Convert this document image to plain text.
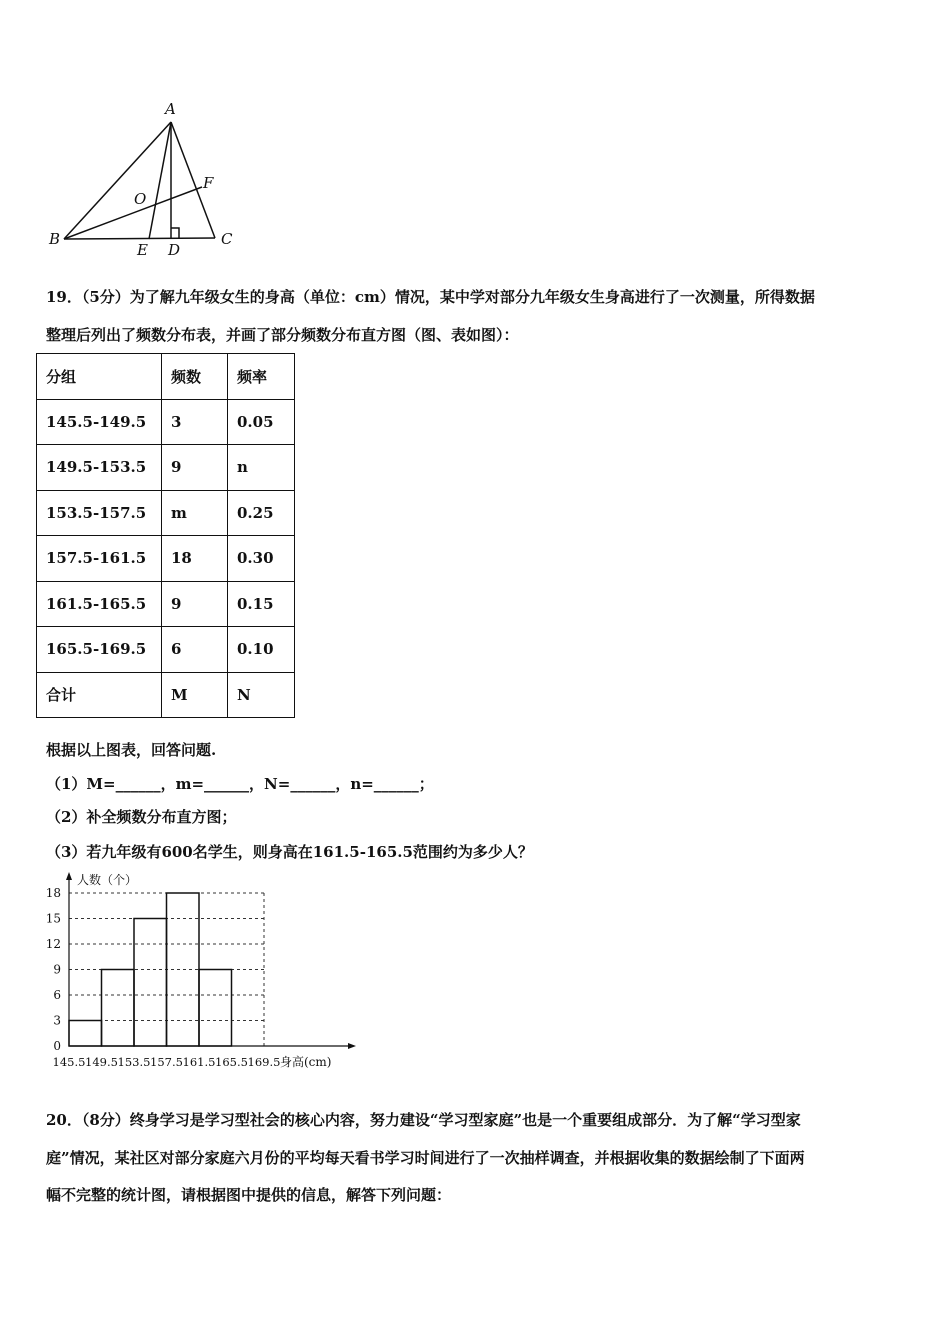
A
B	C
D
E
F
O
19．（5分）为了解九年级女生的身高（单位：cm）情况，某中学对部分九年级女生身高进行了一次测量，所得数据
整理后列出了频数分布表，并画了部分频数分布直方图（图、表如图）：
分组	频数	频率
145.5-149.5	3	0.05
149.5-153.5	9	n
153.5-157.5	m	0.25
157.5-161.5	18	0.30
161.5-165.5	9	0.15
165.5-169.5	6	0.10
合计	M	N
根据以上图表，回答问题.
（1）M=______，m=______，N=______，n=______；
（2）补全频数分布直方图；
（3）若九年级有600名学生，则身高在161.5-165.5范围约为多少人？
0
3
6
9
12
15
18
145.5 149.5 153.5 157.5 161.5 165.5 169.5
人数（个）
身高(cm)
20．（8分）终身学习是学习型社会的核心内容，努力建设“学习型家庭”也是一个重要组成部分．为了解“学习型家
庭”情况，某社区对部分家庭六月份的平均每天看书学习时间进行了一次抽样调查，并根据收集的数据绘制了下面两
幅不完整的统计图，请根据图中提供的信息，解答下列问题：
